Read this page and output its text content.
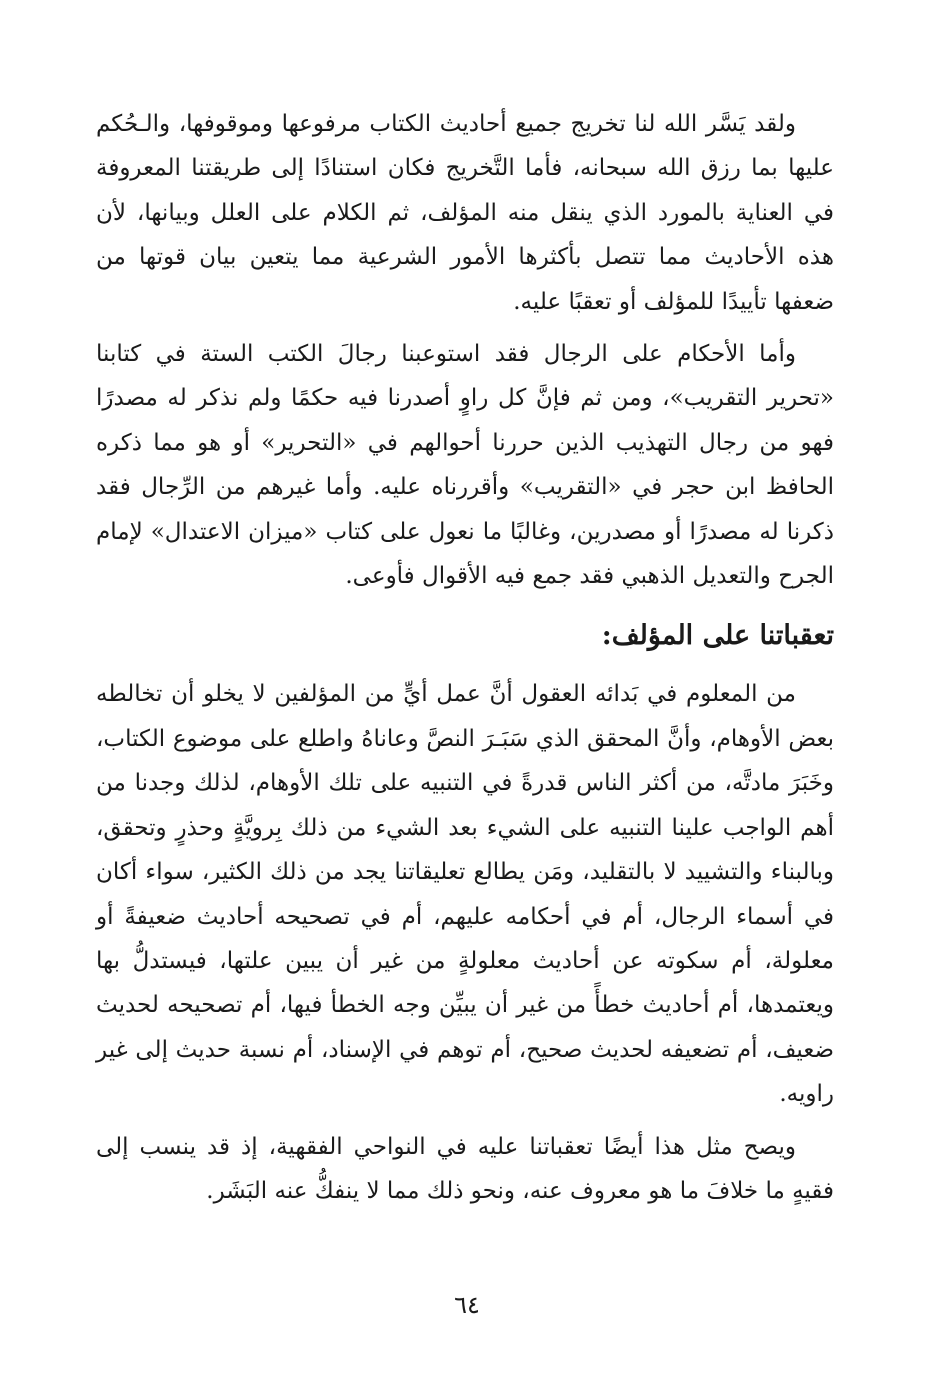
ولقد يَسَّر الله لنا تخريج جميع أحاديث الكتاب مرفوعها وموقوفها، والـحُكم عليها بما رزق الله سبحانه، فأما التَّخريج فكان استنادًا إلى طريقتنا المعروفة في العناية بالمورد الذي ينقل منه المؤلف، ثم الكلام على العلل وبيانها، لأن هذه الأحاديث مما تتصل بأكثرها الأمور الشرعية مما يتعين بيان قوتها من ضعفها تأييدًا للمؤلف أو تعقبًا عليه.

وأما الأحكام على الرجال فقد استوعبنا رجالَ الكتب الستة في كتابنا «تحرير التقريب»، ومن ثم فإنَّ كل راوٍ أصدرنا فيه حكمًا ولم نذكر له مصدرًا فهو من رجال التهذيب الذين حررنا أحوالهم في «التحرير» أو هو مما ذكره الحافظ ابن حجر في «التقريب» وأقررناه عليه. وأما غيرهم من الرِّجال فقد ذكرنا له مصدرًا أو مصدرين، وغالبًا ما نعول على كتاب «ميزان الاعتدال» لإمام الجرح والتعديل الذهبي فقد جمع فيه الأقوال فأوعى.

تعقباتنا على المؤلف:

من المعلوم في بَدائه العقول أنَّ عمل أيٍّ من المؤلفين لا يخلو أن تخالطه بعض الأوهام، وأنَّ المحقق الذي سَبَـرَ النصَّ وعاناهُ واطلع على موضوع الكتاب، وخَبَرَ مادتَّه، من أكثر الناس قدرةً في التنبيه على تلك الأوهام، لذلك وجدنا من أهم الواجب علينا التنبيه على الشيء بعد الشيء من ذلك بِرويَّةٍ وحذرٍ وتحقق، وبالبناء والتشييد لا بالتقليد، ومَن يطالع تعليقاتنا يجد من ذلك الكثير، سواء أكان في أسماء الرجال، أم في أحكامه عليهم، أم في تصحيحه أحاديث ضعيفةً أو معلولة، أم سكوته عن أحاديث معلولةٍ من غير أن يبين علتها، فيستدلُّ بها ويعتمدها، أم أحاديث خطأً من غير أن يبيِّن وجه الخطأ فيها، أم تصحيحه لحديث ضعيف، أم تضعيفه لحديث صحيح، أم توهم في الإسناد، أم نسبة حديث إلى غير راويه.

ويصح مثل هذا أيضًا تعقباتنا عليه في النواحي الفقهية، إذ قد ينسب إلى فقيهٍ ما خلافَ ما هو معروف عنه، ونحو ذلك مما لا ينفكُّ عنه البَشَر.

٦٤
